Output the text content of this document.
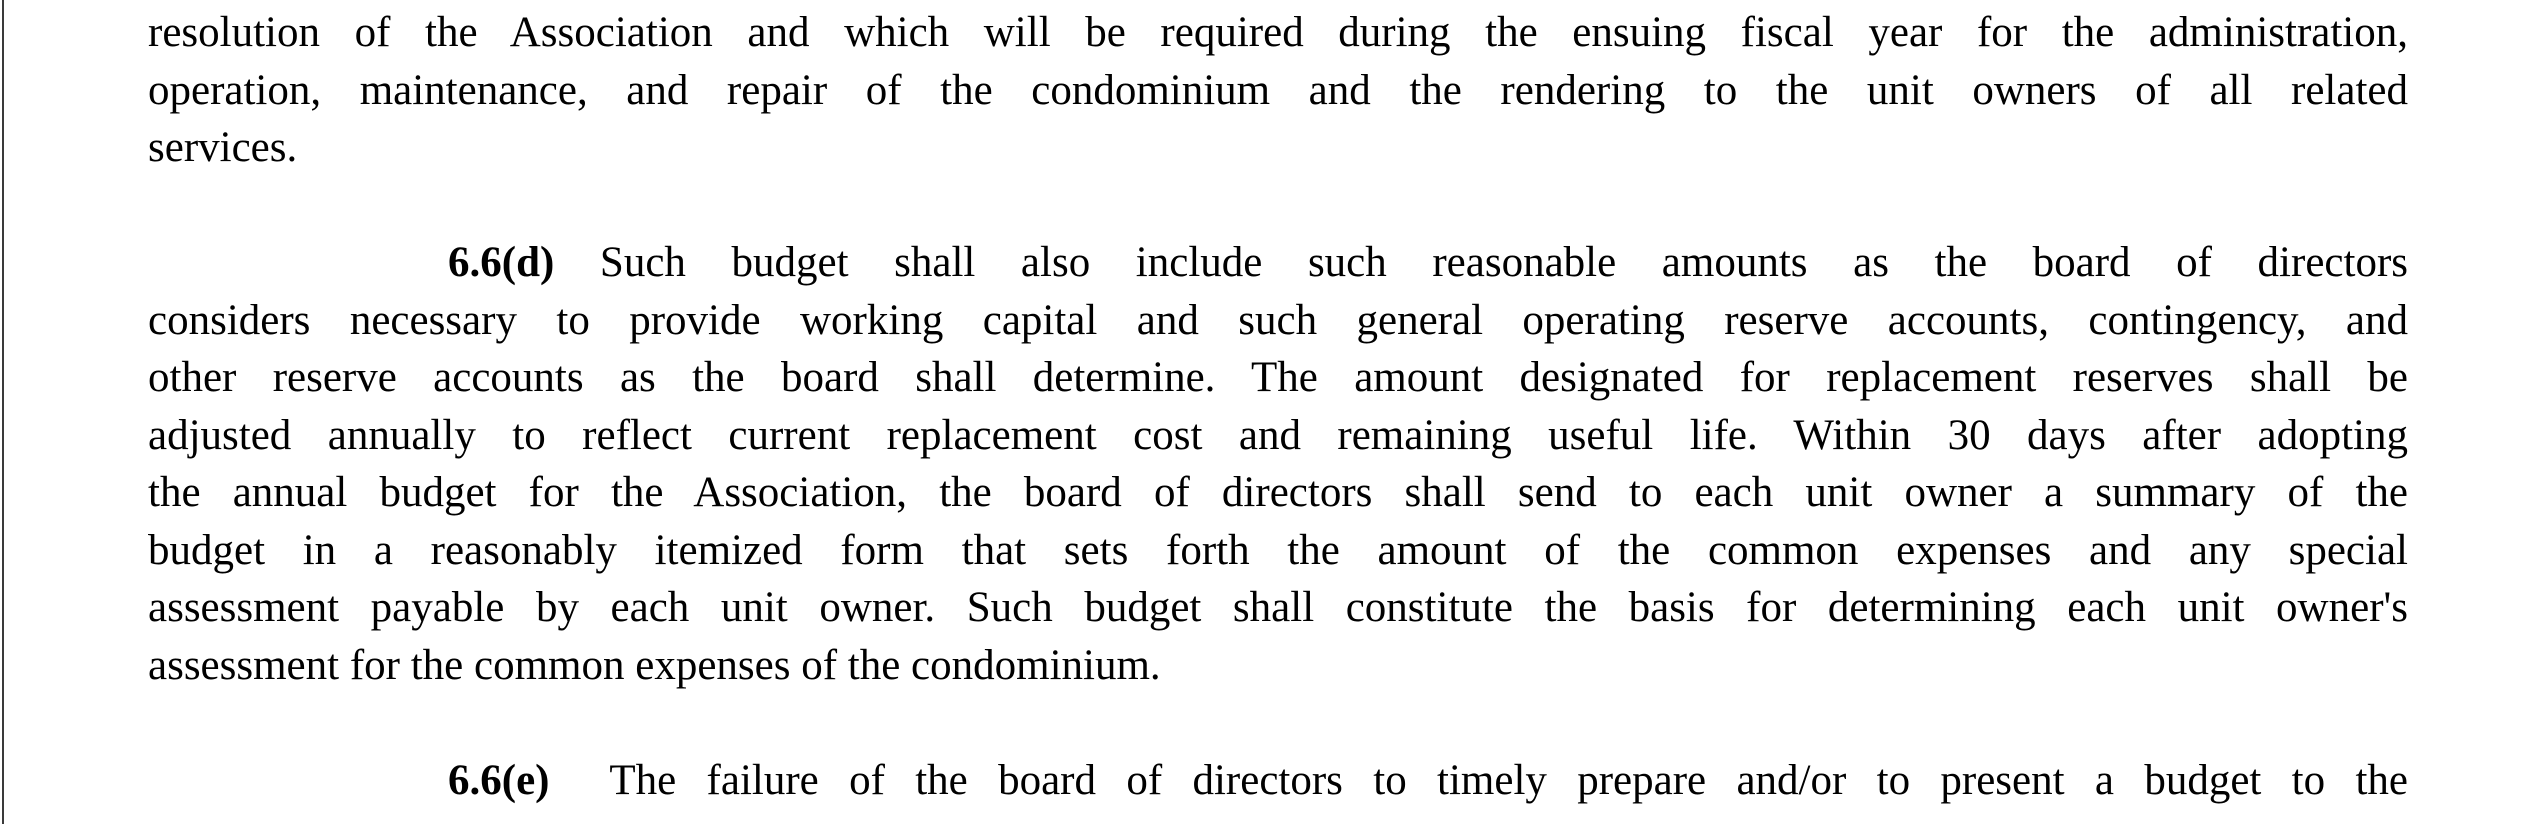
resolution of the Association and which will be required during the ensuing fiscal year for the administration,
operation, maintenance, and repair of the condominium and the rendering to the unit owners of all related
services.
6.6(d) Such budget shall also include such reasonable amounts as the board of directors
considers necessary to provide working capital and such general operating reserve accounts, contingency, and
other reserve accounts as the board shall determine. The amount designated for replacement reserves shall be
adjusted annually to reflect current replacement cost and remaining useful life. Within 30 days after adopting
the annual budget for the Association, the board of directors shall send to each unit owner a summary of the
budget in a reasonably itemized form that sets forth the amount of the common expenses and any special
assessment payable by each unit owner. Such budget shall constitute the basis for determining each unit owner's
assessment for the common expenses of the condominium.
6.6(e) The failure of the board of directors to timely prepare and/or to present a budget to the
